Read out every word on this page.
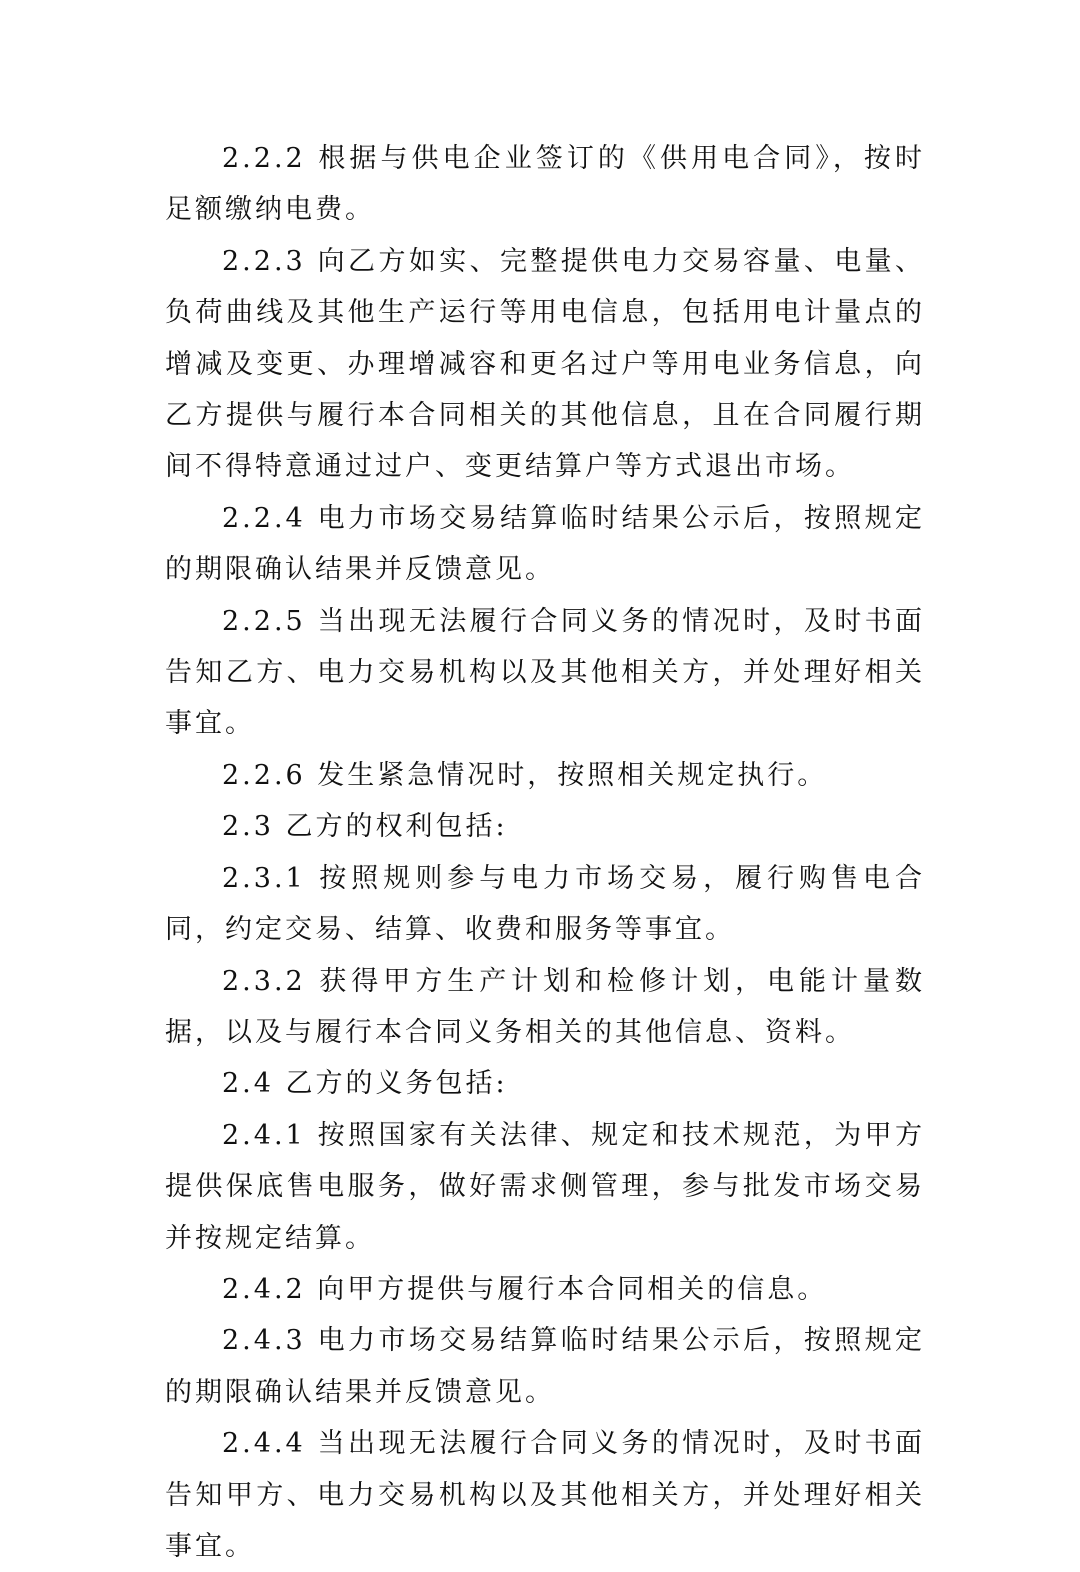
2.2.2 根据与供电企业签订的《供用电合同》，按时足额缴纳电费。

2.2.3 向乙方如实、完整提供电力交易容量、电量、负荷曲线及其他生产运行等用电信息，包括用电计量点的增减及变更、办理增减容和更名过户等用电业务信息，向乙方提供与履行本合同相关的其他信息，且在合同履行期间不得特意通过过户、变更结算户等方式退出市场。

2.2.4 电力市场交易结算临时结果公示后，按照规定的期限确认结果并反馈意见。

2.2.5 当出现无法履行合同义务的情况时，及时书面告知乙方、电力交易机构以及其他相关方，并处理好相关事宜。

2.2.6 发生紧急情况时，按照相关规定执行。

2.3 乙方的权利包括:

2.3.1 按照规则参与电力市场交易，履行购售电合同，约定交易、结算、收费和服务等事宜。

2.3.2 获得甲方生产计划和检修计划，电能计量数据，以及与履行本合同义务相关的其他信息、资料。

2.4 乙方的义务包括:

2.4.1 按照国家有关法律、规定和技术规范，为甲方提供保底售电服务，做好需求侧管理，参与批发市场交易并按规定结算。

2.4.2 向甲方提供与履行本合同相关的信息。

2.4.3 电力市场交易结算临时结果公示后，按照规定的期限确认结果并反馈意见。

2.4.4 当出现无法履行合同义务的情况时，及时书面告知甲方、电力交易机构以及其他相关方，并处理好相关事宜。
